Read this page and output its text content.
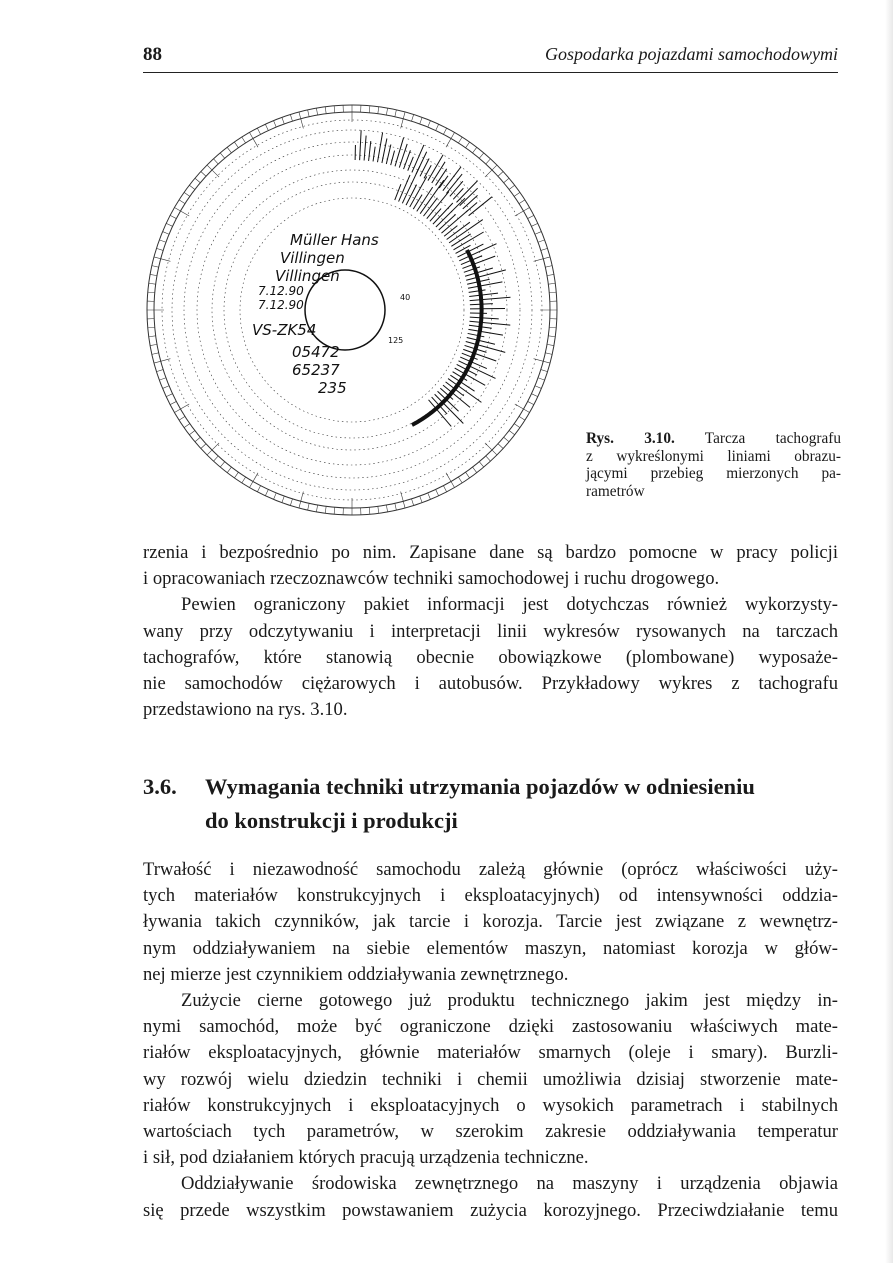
88	Gospodarka pojazdami samochodowymi
Müller Hans
Villingen
Villingen
7.12.90
7.12.90
VS-ZK54
05472
65237
235
125
40
Rys. 3.10. Tarcza tachografu
z wykreślonymi liniami obrazu-
jącymi przebieg mierzonych pa-
rametrów
rzenia i bezpośrednio po nim. Zapisane dane są bardzo pomocne w pracy policji
i opracowaniach rzeczoznawców techniki samochodowej i ruchu drogowego.
Pewien ograniczony pakiet informacji jest dotychczas również wykorzysty-
wany przy odczytywaniu i interpretacji linii wykresów rysowanych na tarczach
tachografów, które stanowią obecnie obowiązkowe (plombowane) wyposaże-
nie samochodów ciężarowych i autobusów. Przykładowy wykres z tachografu
przedstawiono na rys. 3.10.
3.6. Wymagania techniki utrzymania pojazdów w odniesieniu
do konstrukcji i produkcji
Trwałość i niezawodność samochodu zależą głównie (oprócz właściwości uży-
tych materiałów konstrukcyjnych i eksploatacyjnych) od intensywności oddzia-
ływania takich czynników, jak tarcie i korozja. Tarcie jest związane z wewnętrz-
nym oddziaływaniem na siebie elementów maszyn, natomiast korozja w głów-
nej mierze jest czynnikiem oddziaływania zewnętrznego.
Zużycie cierne gotowego już produktu technicznego jakim jest między in-
nymi samochód, może być ograniczone dzięki zastosowaniu właściwych mate-
riałów eksploatacyjnych, głównie materiałów smarnych (oleje i smary). Burzli-
wy rozwój wielu dziedzin techniki i chemii umożliwia dzisiaj stworzenie mate-
riałów konstrukcyjnych i eksploatacyjnych o wysokich parametrach i stabilnych
wartościach tych parametrów, w szerokim zakresie oddziaływania temperatur
i sił, pod działaniem których pracują urządzenia techniczne.
Oddziaływanie środowiska zewnętrznego na maszyny i urządzenia objawia
się przede wszystkim powstawaniem zużycia korozyjnego. Przeciwdziałanie temu
